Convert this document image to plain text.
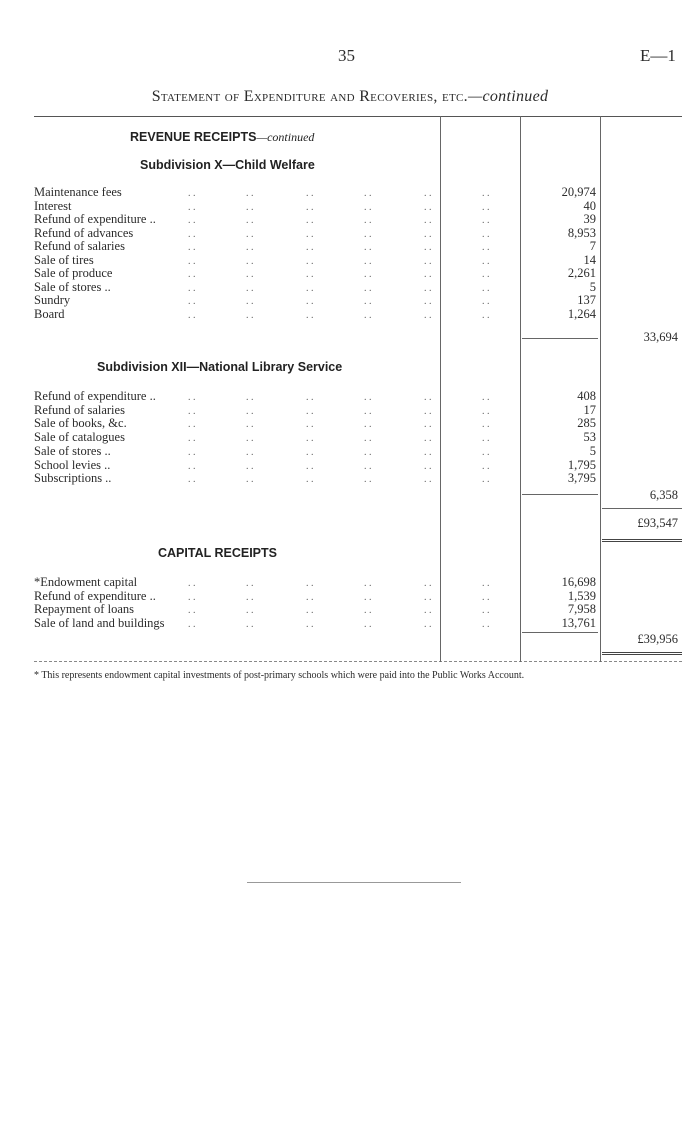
35	E—1
Statement of Expenditure and Recoveries, etc.—continued
REVENUE RECEIPTS—continued
Subdivision X—Child Welfare
Maintenance fees	. .	. .	. .	. .	. .	. .	20,974
Interest	. .	. .	. .	. .	. .	. .	40
Refund of expenditure ..	. .	. .	. .	. .	. .	. .	39
Refund of advances	. .	. .	. .	. .	. .	. .	8,953
Refund of salaries	. .	. .	. .	. .	. .	. .	7
Sale of tires	. .	. .	. .	. .	. .	. .	14
Sale of produce	. .	. .	. .	. .	. .	. .	2,261
Sale of stores ..	. .	. .	. .	. .	. .	. .	5
Sundry	. .	. .	. .	. .	. .	. .	137
Board	. .	. .	. .	. .	. .	. .	1,264
33,694
Subdivision XII—National Library Service
Refund of expenditure ..	. .	. .	. .	. .	. .	. .	408
Refund of salaries	. .	. .	. .	. .	. .	. .	17
Sale of books, &c.	. .	. .	. .	. .	. .	. .	285
Sale of catalogues	. .	. .	. .	. .	. .	. .	53
Sale of stores ..	. .	. .	. .	. .	. .	. .	5
School levies ..	. .	. .	. .	. .	. .	. .	1,795
Subscriptions ..	. .	. .	. .	. .	. .	. .	3,795
6,358
£93,547
CAPITAL RECEIPTS
*Endowment capital	. .	. .	. .	. .	. .	. .	16,698
Refund of expenditure ..	. .	. .	. .	. .	. .	. .	1,539
Repayment of loans	. .	. .	. .	. .	. .	. .	7,958
Sale of land and buildings . .	. .	. .	. .	. .	. .	13,761
£39,956
* This represents endowment capital investments of post-primary schools which were paid into the Public Works Account.
